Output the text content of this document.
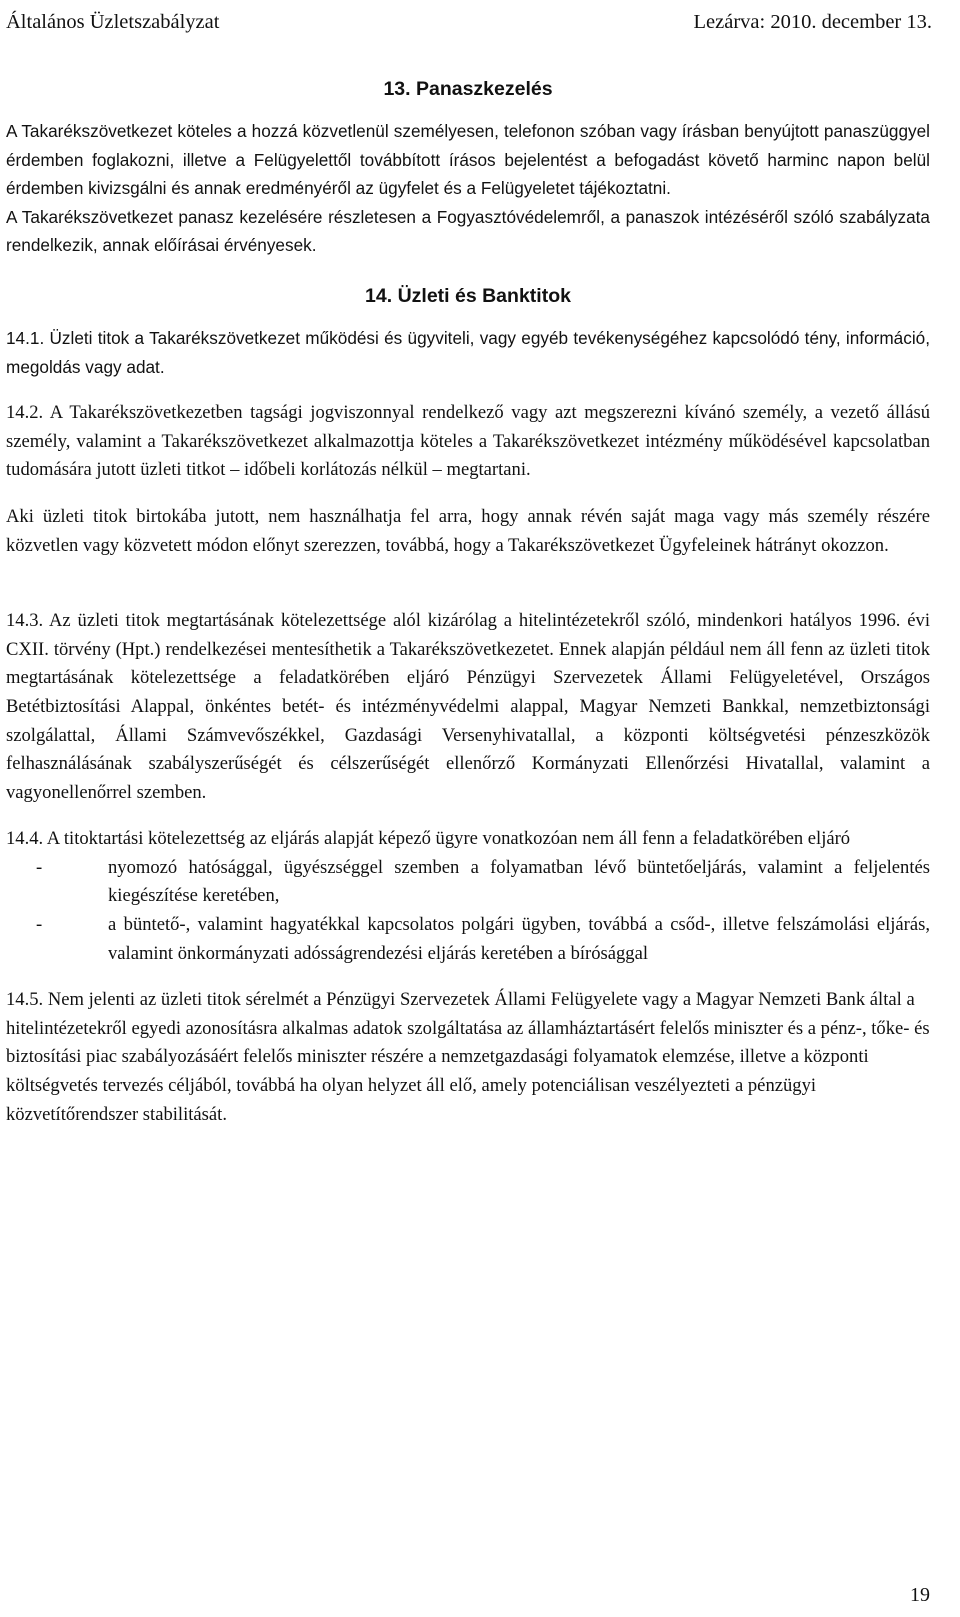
Általános Üzletszabályzat	Lezárva: 2010. december 13.
13. Panaszkezelés

A Takarékszövetkezet köteles a hozzá közvetlenül személyesen, telefonon szóban vagy írásban benyújtott panaszüggyel érdemben foglakozni, illetve a Felügyelettől továbbított írásos bejelentést a befogadást követő harminc napon belül érdemben kivizsgálni és annak eredményéről az ügyfelet és a Felügyeletet tájékoztatni.

A Takarékszövetkezet panasz kezelésére részletesen a Fogyasztóvédelemről, a panaszok intézéséről szóló szabályzata rendelkezik, annak előírásai érvényesek.

14. Üzleti és Banktitok

14.1. Üzleti titok a Takarékszövetkezet működési és ügyviteli, vagy egyéb tevékenységéhez kapcsolódó tény, információ, megoldás vagy adat.

14.2. A Takarékszövetkezetben tagsági jogviszonnyal rendelkező vagy azt megszerezni kívánó személy, a vezető állású személy, valamint a Takarékszövetkezet alkalmazottja köteles a Takarékszövetkezet intézmény működésével kapcsolatban tudomására jutott üzleti titkot – időbeli korlátozás nélkül – megtartani.

Aki üzleti titok birtokába jutott, nem használhatja fel arra, hogy annak révén saját maga vagy más személy részére közvetlen vagy közvetett módon előnyt szerezzen, továbbá, hogy a Takarékszövetkezet Ügyfeleinek hátrányt okozzon.

14.3. Az üzleti titok megtartásának kötelezettsége alól kizárólag a hitelintézetekről szóló, mindenkori hatályos 1996. évi CXII. törvény (Hpt.) rendelkezései mentesíthetik a Takarékszövetkezetet. Ennek alapján például nem áll fenn az üzleti titok megtartásának kötelezettsége a feladatkörében eljáró Pénzügyi Szervezetek Állami Felügyeletével, Országos Betétbiztosítási Alappal, önkéntes betét- és intézményvédelmi alappal, Magyar Nemzeti Bankkal, nemzetbiztonsági szolgálattal, Állami Számvevőszékkel, Gazdasági Versenyhivatallal, a központi költségvetési pénzeszközök felhasználásának szabályszerűségét és célszerűségét ellenőrző Kormányzati Ellenőrzési Hivatallal, valamint a vagyonellenőrrel szemben.

14.4. A titoktartási kötelezettség az eljárás alapját képező ügyre vonatkozóan nem áll fenn a feladatkörében eljáró

-	nyomozó hatósággal, ügyészséggel szemben a folyamatban lévő büntetőeljárás, valamint a feljelentés kiegészítése keretében,
-	a büntető-, valamint hagyatékkal kapcsolatos polgári ügyben, továbbá a csőd-, illetve felszámolási eljárás, valamint önkormányzati adósságrendezési eljárás keretében a bírósággal

14.5. Nem jelenti az üzleti titok sérelmét a Pénzügyi Szervezetek Állami Felügyelete vagy a Magyar Nemzeti Bank által a hitelintézetekről egyedi azonosításra alkalmas adatok szolgáltatása az államháztartásért felelős miniszter és a pénz-, tőke- és biztosítási piac szabályozásáért felelős miniszter részére a nemzetgazdasági folyamatok elemzése, illetve a központi költségvetés tervezés céljából, továbbá ha olyan helyzet áll elő, amely potenciálisan veszélyezteti a pénzügyi közvetítőrendszer stabilitását.

19
